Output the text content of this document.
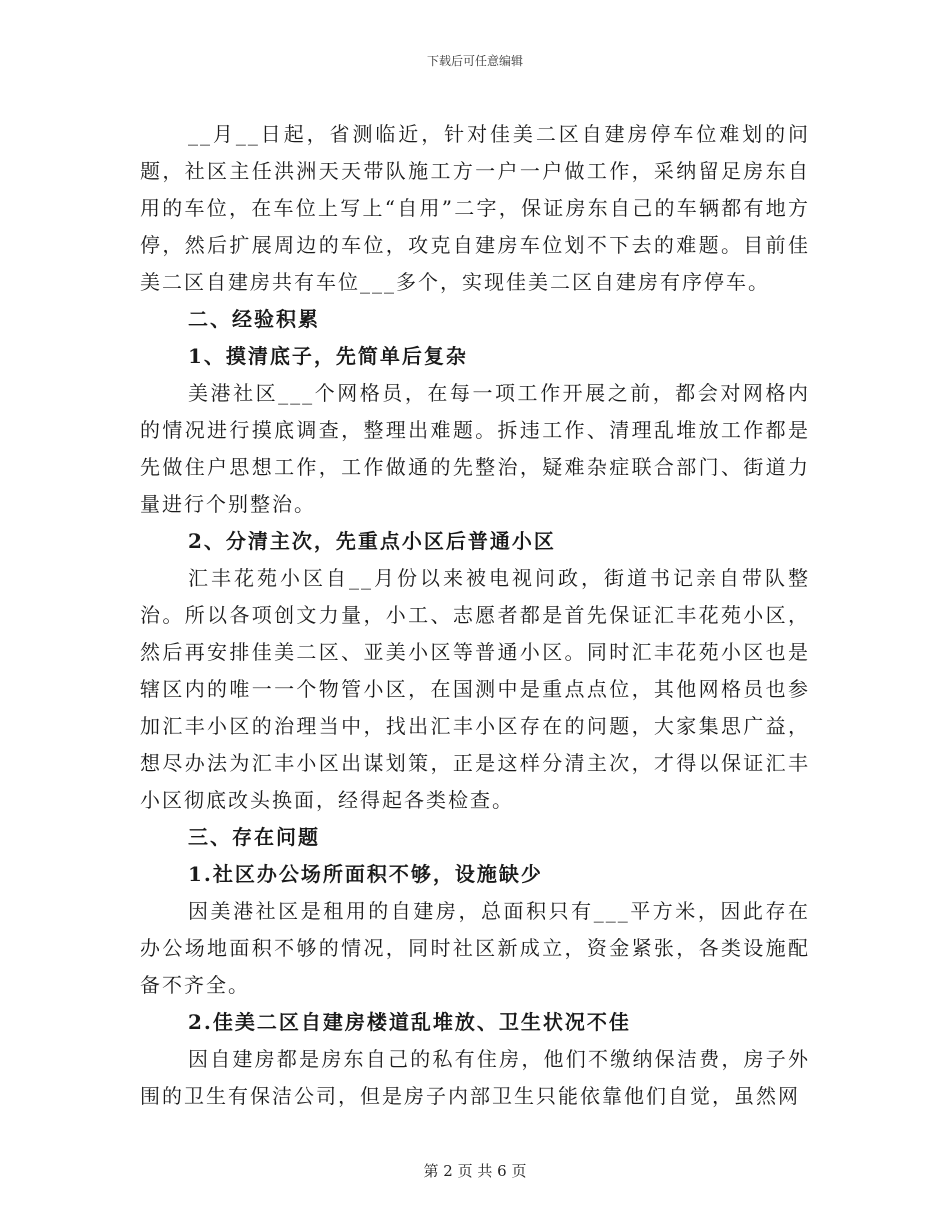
下载后可任意编辑

__月__日起，省测临近，针对佳美二区自建房停车位难划的问题，社区主任洪洲天天带队施工方一户一户做工作，采纳留足房东自用的车位，在车位上写上“自用”二字，保证房东自己的车辆都有地方停，然后扩展周边的车位，攻克自建房车位划不下去的难题。目前佳美二区自建房共有车位___多个，实现佳美二区自建房有序停车。

二、经验积累

1、摸清底子，先简单后复杂

美港社区___个网格员，在每一项工作开展之前，都会对网格内的情况进行摸底调查，整理出难题。拆违工作、清理乱堆放工作都是先做住户思想工作，工作做通的先整治，疑难杂症联合部门、街道力量进行个别整治。

2、分清主次，先重点小区后普通小区

汇丰花苑小区自__月份以来被电视问政，街道书记亲自带队整治。所以各项创文力量，小工、志愿者都是首先保证汇丰花苑小区，然后再安排佳美二区、亚美小区等普通小区。同时汇丰花苑小区也是辖区内的唯一一个物管小区，在国测中是重点点位，其他网格员也参加汇丰小区的治理当中，找出汇丰小区存在的问题，大家集思广益，想尽办法为汇丰小区出谋划策，正是这样分清主次，才得以保证汇丰小区彻底改头换面，经得起各类检查。

三、存在问题

1.社区办公场所面积不够，设施缺少

因美港社区是租用的自建房，总面积只有___平方米，因此存在办公场地面积不够的情况，同时社区新成立，资金紧张，各类设施配备不齐全。

2.佳美二区自建房楼道乱堆放、卫生状况不佳

因自建房都是房东自己的私有住房，他们不缴纳保洁费，房子外围的卫生有保洁公司，但是房子内部卫生只能依靠他们自觉，虽然网

第 2 页 共 6 页
